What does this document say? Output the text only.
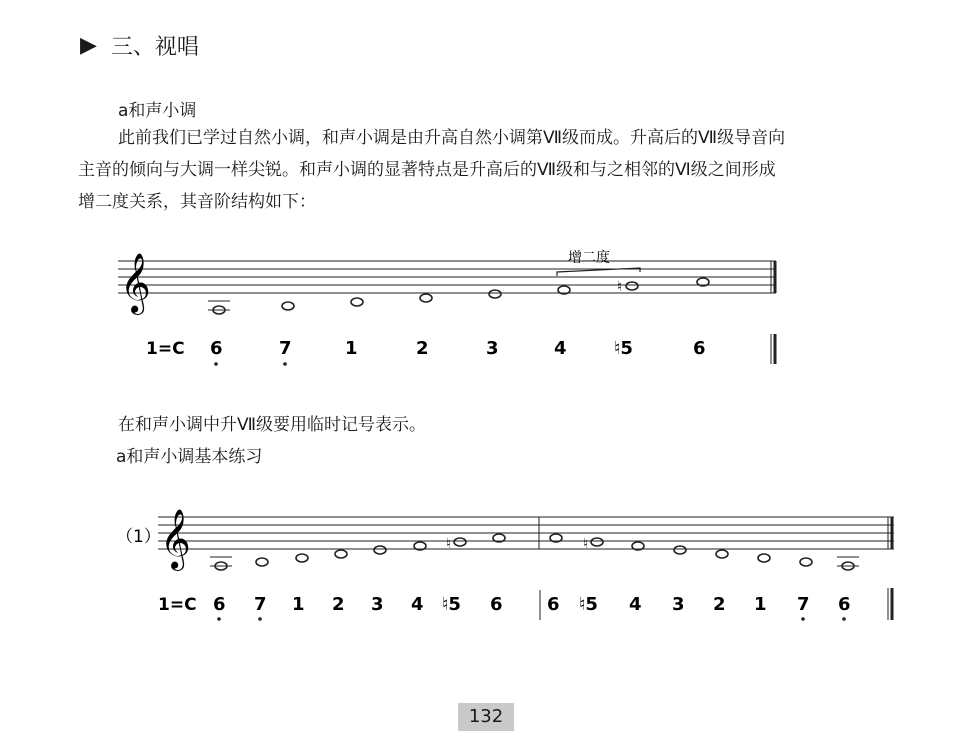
▶ 三、视唱
a和声小调

此前我们已学过自然小调，和声小调是由升高自然小调第Ⅶ级而成。升高后的Ⅶ级导音向

主音的倾向与大调一样尖锐。和声小调的显著特点是升高后的Ⅶ级和与之相邻的Ⅵ级之间形成

增二度关系，其音阶结构如下：

𝄞	♮
增二度
1=C 6	7	1	2	3	4	♮5	6
𝄞	♮	♮
（1）
1=C 6 7 1 2 3 4 ♮5 6 6 ♮5 4 3 2 1 7 6
在和声小调中升Ⅶ级要用临时记号表示。
a和声小调基本练习
132
